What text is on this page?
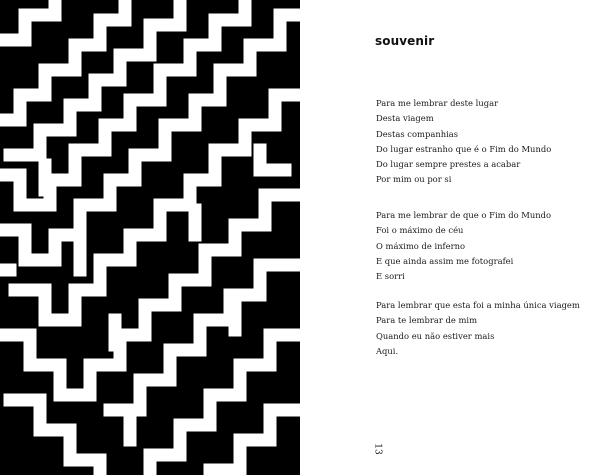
souvenir
Para me lembrar deste lugar
Desta viagem
Destas companhias
Do lugar estranho que é o Fim do Mundo
Do lugar sempre prestes a acabar
Por mim ou por si
Para me lembrar de que o Fim do Mundo
Foi o máximo de céu
O máximo de inferno
E que ainda assim me fotografei
E sorri
Para lembrar que esta foi a minha única viagem
Para te lembrar de mim
Quando eu não estiver mais
Aqui.
13
